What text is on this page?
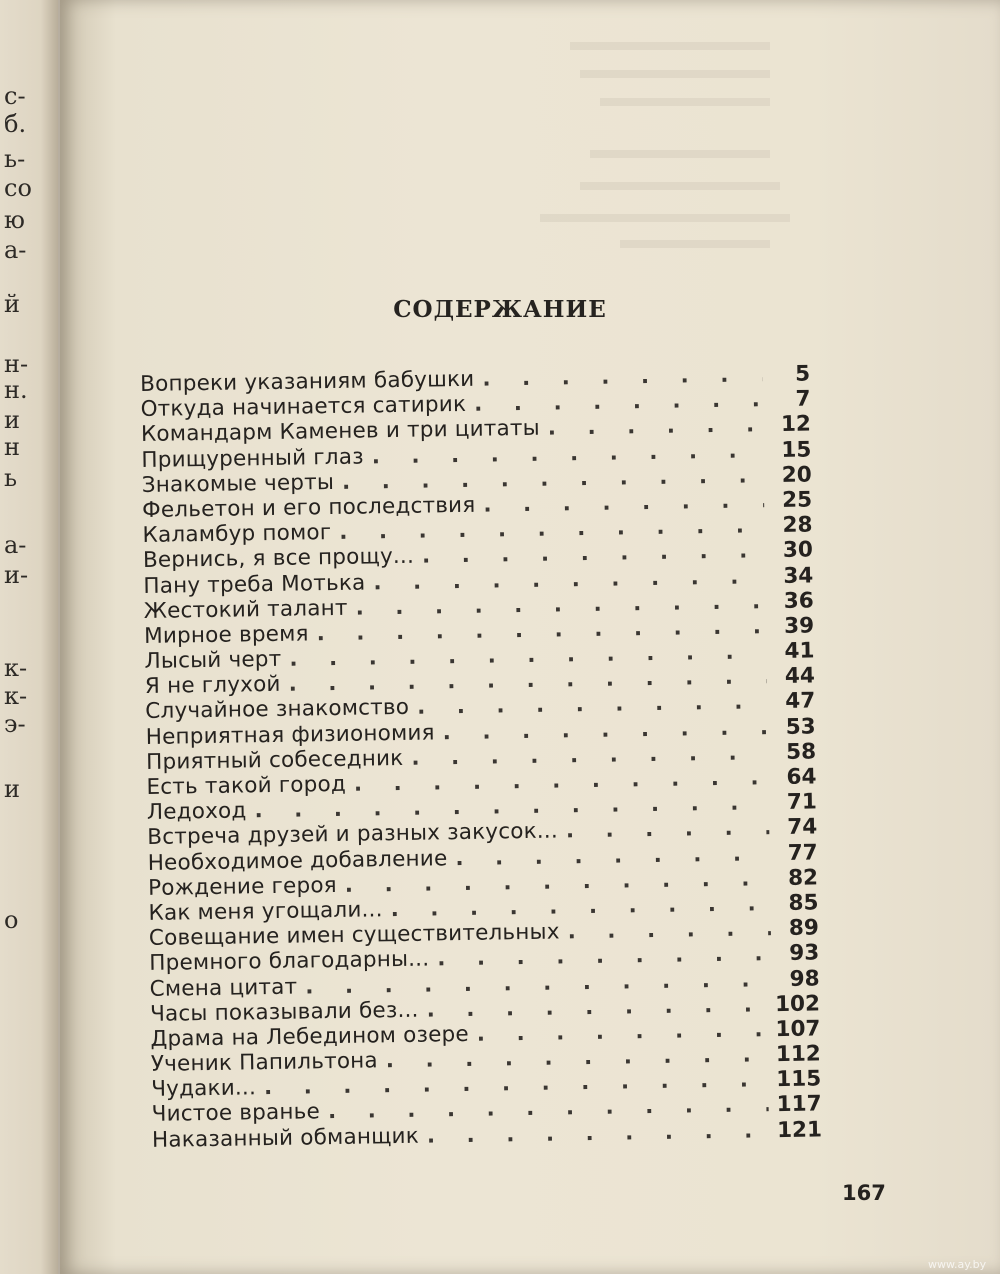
с-
б.
ь-
со
ю
а-
й
н-
н.
и
н
ь
а-
и-
к-
к-
э-
и
о
СОДЕРЖАНИЕ
Вопреки указаниям бабушки . . .	5
Откуда начинается сатирик . . .	7
Командарм Каменев и три цитаты . . .	12
Прищуренный глаз . . .	15
Знакомые черты . . .	20
Фельетон и его последствия . . .	25
Каламбур помог . . .	28
Вернись, я все прощу... . . .	30
Пану треба Мотька . . .	34
Жестокий талант . . .	36
Мирное время . . .	39
Лысый черт . . .	41
Я не глухой . . .	44
Случайное знакомство . . .	47
Неприятная физиономия . . .	53
Приятный собеседник . . .	58
Есть такой город . . .	64
Ледоход . . .	71
Встреча друзей и разных закусок... . . .	74
Необходимое добавление . . .	77
Рождение героя . . .	82
Как меня угощали... . . .	85
Совещание имен существительных . . .	89
Премного благодарны... . . .	93
Смена цитат . . .	98
Часы показывали без... . . .	102
Драма на Лебедином озере . . .	107
Ученик Папильтона . . .	112
Чудаки... . . .	115
Чистое вранье . . .	117
Наказанный обманщик . . .	121

167

www.ay.by
